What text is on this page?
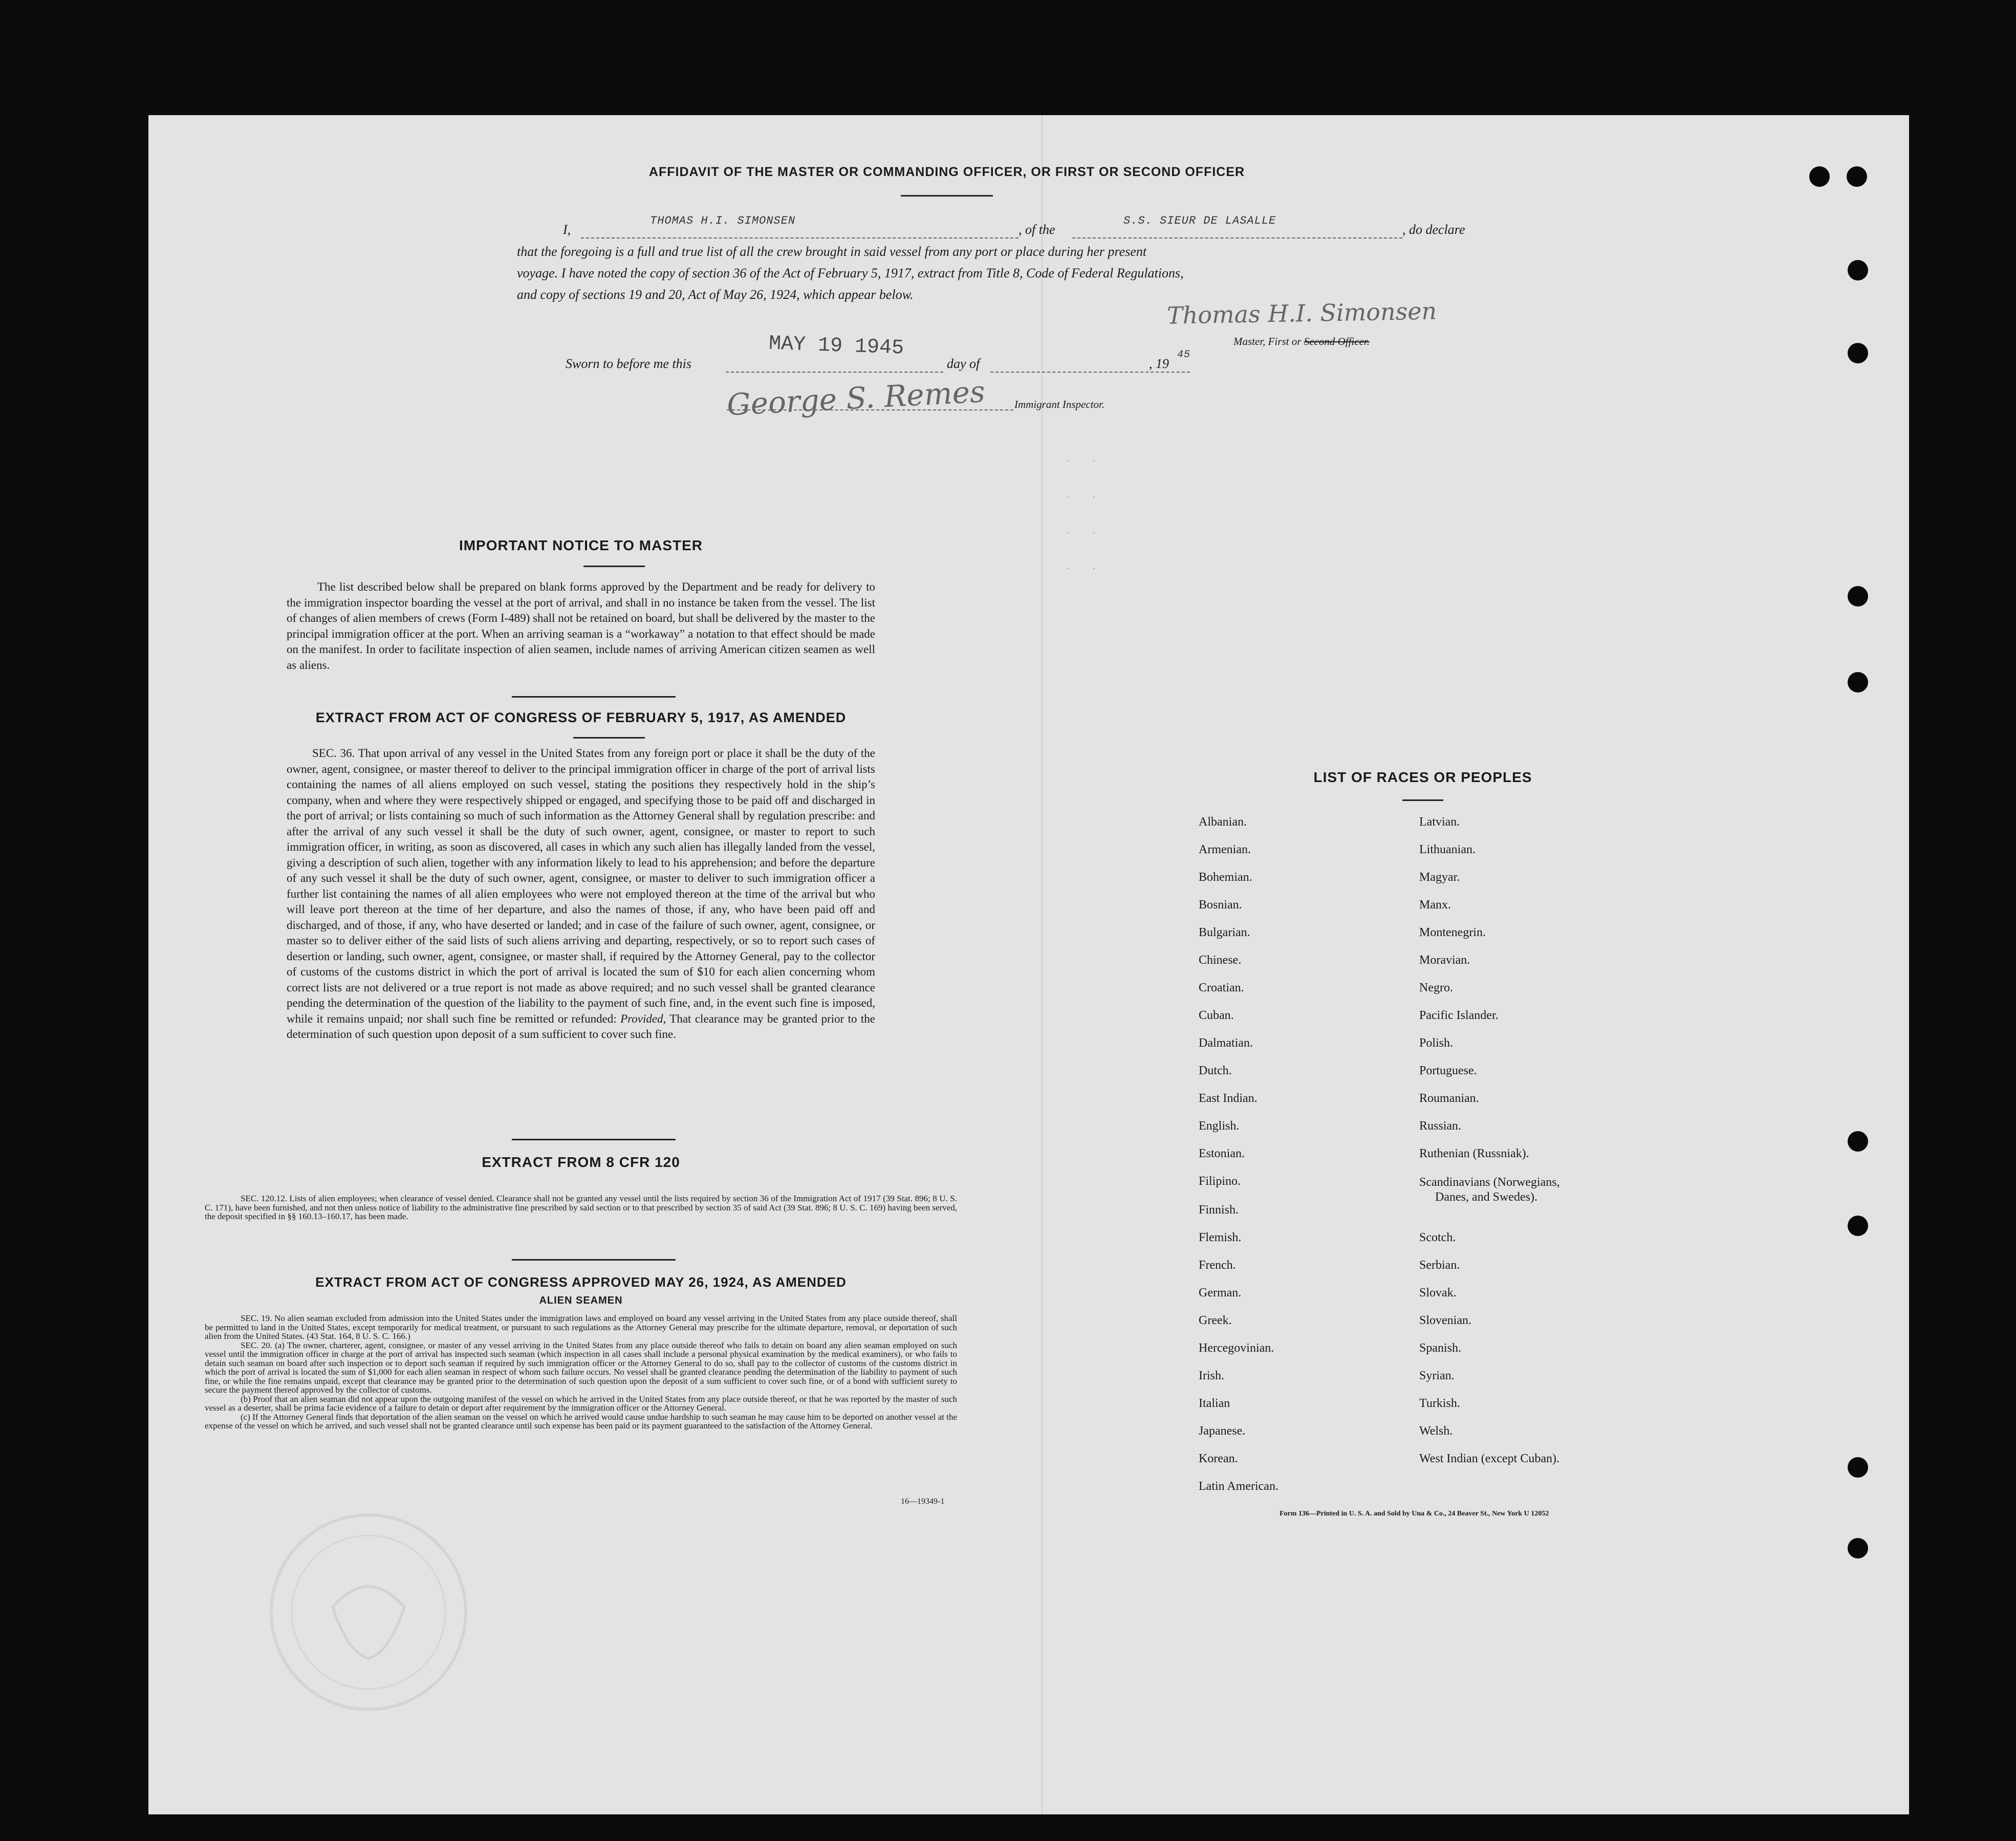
AFFIDAVIT OF THE MASTER OR COMMANDING OFFICER, OR FIRST OR SECOND OFFICER
I,
THOMAS H.I. SIMONSEN
, of the
S.S. SIEUR DE LASALLE
, do declare
that the foregoing is a full and true list of all the crew brought in said vessel from any port or place during her present
voyage. I have noted the copy of section 36 of the Act of February 5, 1917, extract from Title 8, Code of Federal Regulations,
and copy of sections 19 and 20, Act of May 26, 1924, which appear below.
Thomas H.I. Simonsen
Master, First or Second Officer.
Sworn to before me this
MAY 19 1945
day of	, 19
45
George S. Remes	Immigrant Inspector.
. .
. .
. .
. .
IMPORTANT NOTICE TO MASTER
The list described below shall be prepared on blank forms approved by the Department and be ready for delivery to the immigration inspector boarding the vessel at the port of arrival, and shall in no instance be taken from the vessel. The list of changes of alien members of crews (Form I-489) shall not be retained on board, but shall be delivered by the master to the principal immigration officer at the port. When an arriving seaman is a “workaway” a notation to that effect should be made on the manifest. In order to facilitate inspection of alien seamen, include names of arriving American citizen seamen as well as aliens.
EXTRACT FROM ACT OF CONGRESS OF FEBRUARY 5, 1917, AS AMENDED
SEC. 36. That upon arrival of any vessel in the United States from any foreign port or place it shall be the duty of the owner, agent, consignee, or master thereof to deliver to the principal immigration officer in charge of the port of arrival lists containing the names of all aliens employed on such vessel, stating the positions they respectively hold in the ship’s company, when and where they were respectively shipped or engaged, and specifying those to be paid off and discharged in the port of arrival; or lists containing so much of such information as the Attorney General shall by regulation prescribe: and after the arrival of any such vessel it shall be the duty of such owner, agent, consignee, or master to report to such immigration officer, in writing, as soon as discovered, all cases in which any such alien has illegally landed from the vessel, giving a description of such alien, together with any information likely to lead to his apprehension; and before the departure of any such vessel it shall be the duty of such owner, agent, consignee, or master to deliver to such immigration officer a further list containing the names of all alien employees who were not employed thereon at the time of the arrival but who will leave port thereon at the time of her departure, and also the names of those, if any, who have been paid off and discharged, and of those, if any, who have deserted or landed; and in case of the failure of such owner, agent, consignee, or master so to deliver either of the said lists of such aliens arriving and departing, respectively, or so to report such cases of desertion or landing, such owner, agent, consignee, or master shall, if required by the Attorney General, pay to the collector of customs of the customs district in which the port of arrival is located the sum of $10 for each alien concerning whom correct lists are not delivered or a true report is not made as above required; and no such vessel shall be granted clearance pending the determination of the question of the liability to the payment of such fine, and, in the event such fine is imposed, while it remains unpaid; nor shall such fine be remitted or refunded: Provided, That clearance may be granted prior to the determination of such question upon deposit of a sum sufficient to cover such fine.
EXTRACT FROM 8 CFR 120
SEC. 120.12. Lists of alien employees; when clearance of vessel denied. Clearance shall not be granted any vessel until the lists required by section 36 of the Immigration Act of 1917 (39 Stat. 896; 8 U. S. C. 171), have been furnished, and not then unless notice of liability to the administrative fine prescribed by said section or to that prescribed by section 35 of said Act (39 Stat. 896; 8 U. S. C. 169) having been served, the deposit specified in §§ 160.13–160.17, has been made.
EXTRACT FROM ACT OF CONGRESS APPROVED MAY 26, 1924, AS AMENDED
ALIEN SEAMEN
SEC. 19. No alien seaman excluded from admission into the United States under the immigration laws and employed on board any vessel arriving in the United States from any place outside thereof, shall be permitted to land in the United States, except temporarily for medical treatment, or pursuant to such regulations as the Attorney General may prescribe for the ultimate departure, removal, or deportation of such alien from the United States. (43 Stat. 164, 8 U. S. C. 166.)
SEC. 20. (a) The owner, charterer, agent, consignee, or master of any vessel arriving in the United States from any place outside thereof who fails to detain on board any alien seaman employed on such vessel until the immigration officer in charge at the port of arrival has inspected such seaman (which inspection in all cases shall include a personal physical examination by the medical examiners), or who fails to detain such seaman on board after such inspection or to deport such seaman if required by such immigration officer or the Attorney General to do so, shall pay to the collector of customs of the customs district in which the port of arrival is located the sum of $1,000 for each alien seaman in respect of whom such failure occurs. No vessel shall be granted clearance pending the determination of the liability to payment of such fine, or while the fine remains unpaid, except that clearance may be granted prior to the determination of such question upon the deposit of a sum sufficient to cover such fine, or of a bond with sufficient surety to secure the payment thereof approved by the collector of customs.
(b) Proof that an alien seaman did not appear upon the outgoing manifest of the vessel on which he arrived in the United States from any place outside thereof, or that he was reported by the master of such vessel as a deserter, shall be prima facie evidence of a failure to detain or deport after requirement by the immigration officer or the Attorney General.
(c) If the Attorney General finds that deportation of the alien seaman on the vessel on which he arrived would cause undue hardship to such seaman he may cause him to be deported on another vessel at the expense of the vessel on which he arrived, and such vessel shall not be granted clearance until such expense has been paid or its payment guaranteed to the satisfaction of the Attorney General.
16—19349-1
LIST OF RACES OR PEOPLES
Albanian.
Armenian.
Bohemian.
Bosnian.
Bulgarian.
Chinese.
Croatian.
Cuban.
Dalmatian.
Dutch.
East Indian.
English.
Estonian.
Filipino.
Finnish.
Flemish.
French.
German.
Greek.
Hercegovinian.
Irish.
Italian
Japanese.
Korean.
Latin American.
Latvian.
Lithuanian.
Magyar.
Manx.
Montenegrin.
Moravian.
Negro.
Pacific Islander.
Polish.
Portuguese.
Roumanian.
Russian.
Ruthenian (Russniak).
Scandinavians (Norwegians,
Danes, and Swedes).
Scotch.
Serbian.
Slovak.
Slovenian.
Spanish.
Syrian.
Turkish.
Welsh.
West Indian (except Cuban).
Form 136—Printed in U. S. A. and Sold by Una & Co., 24 Beaver St., New York U 12052
